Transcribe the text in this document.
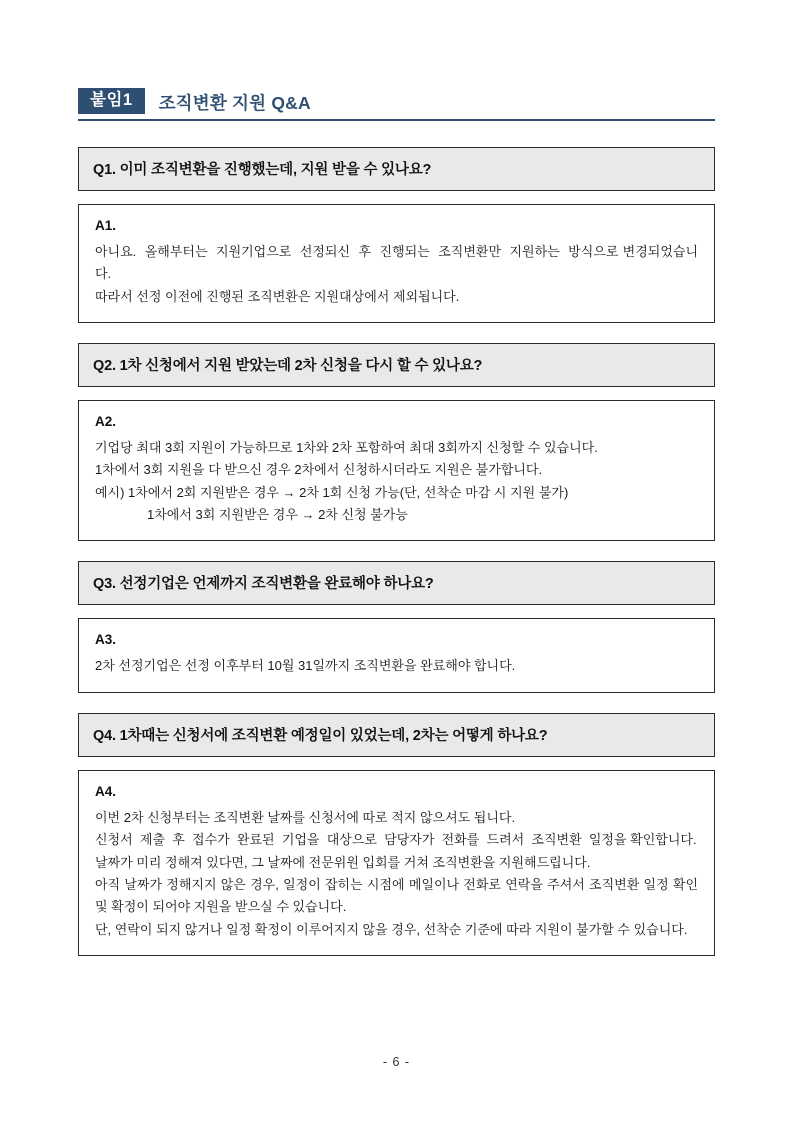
붙임1	조직변환 지원 Q&A
Q1. 이미 조직변환을 진행했는데, 지원 받을 수 있나요?
A1.
아니요.  올해부터는  지원기업으로  선정되신  후  진행되는  조직변환만  지원하는  방식으로 변경되었습니다.
따라서 선정 이전에 진행된 조직변환은 지원대상에서 제외됩니다.
Q2. 1차 신청에서 지원 받았는데 2차 신청을 다시 할 수 있나요?
A2.
기업당 최대 3회 지원이 가능하므로 1차와 2차 포함하여 최대 3회까지 신청할 수 있습니다.
1차에서 3회 지원을 다 받으신 경우 2차에서 신청하시더라도 지원은 불가합니다.
예시) 1차에서 2회 지원받은 경우 → 2차 1회 신청 가능(단, 선착순 마감 시 지원 불가)
1차에서 3회 지원받은 경우 → 2차 신청 불가능
Q3. 선정기업은 언제까지 조직변환을 완료해야 하나요?
A3.
2차 선정기업은 선정 이후부터 10월 31일까지 조직변환을 완료해야 합니다.
Q4. 1차때는 신청서에 조직변환 예정일이 있었는데, 2차는 어떻게 하나요?
A4.
이번 2차 신청부터는 조직변환 날짜를 신청서에 따로 적지 않으셔도 됩니다.
신청서  제출  후  접수가  완료된  기업을  대상으로  담당자가  전화를  드려서  조직변환  일정을 확인합니다.
날짜가 미리 정해져 있다면, 그 날짜에 전문위원 입회를 거쳐 조직변환을 지원해드립니다.
아직 날짜가 정해지지 않은 경우, 일정이 잡히는 시점에 메일이나 전화로 연락을 주셔서 조직변환 일정 확인 및 확정이 되어야 지원을 받으실 수 있습니다.
단, 연락이 되지 않거나 일정 확정이 이루어지지 않을 경우, 선착순 기준에 따라 지원이 불가할 수 있습니다.
- 6 -
